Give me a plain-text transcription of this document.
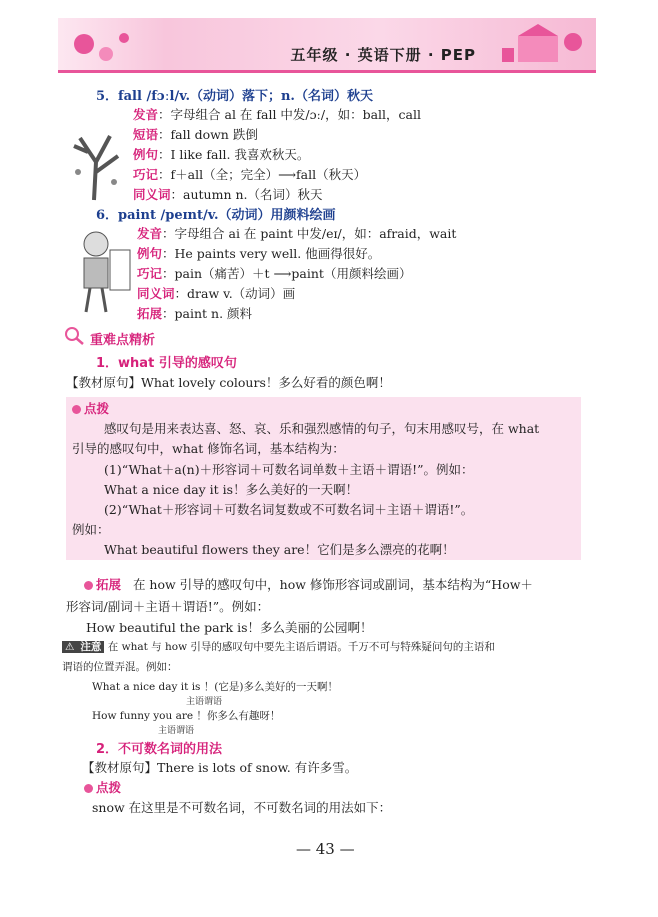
五年级 · 英语下册 · PEP
5．fall /fɔːl/v.（动词）落下；n.（名词）秋天
发音：字母组合 al 在 fall 中发/ɔː/，如：ball，call
短语：fall down 跌倒
例句：I like fall. 我喜欢秋天。
巧记：f＋all（全；完全）⟶fall（秋天）
同义词：autumn n.（名词）秋天
6．paint /peɪnt/v.（动词）用颜料绘画
发音：字母组合 ai 在 paint 中发/eɪ/，如：afraid，wait
例句：He paints very well. 他画得很好。
巧记：pain（痛苦）＋t ⟶paint（用颜料绘画）
同义词：draw v.（动词）画
拓展：paint n. 颜料
重难点精析
1．what 引导的感叹句
【教材原句】What lovely colours！多么好看的颜色啊！
点拨
感叹句是用来表达喜、怒、哀、乐和强烈感情的句子，句末用感叹号，在 what
引导的感叹句中，what 修饰名词，基本结构为：
(1)“What＋a(n)＋形容词＋可数名词单数＋主语＋谓语!”。例如：
What a nice day it is！多么美好的一天啊！
(2)“What＋形容词＋可数名词复数或不可数名词＋主语＋谓语!”。
例如：
What beautiful flowers they are！它们是多么漂亮的花啊！
拓展 在 how 引导的感叹句中，how 修饰形容词或副词，基本结构为“How＋
形容词/副词＋主语＋谓语!”。例如：
How beautiful the park is！多么美丽的公园啊！
⚠ 注意 在 what 与 how 引导的感叹句中要先主语后谓语。千万不可与特殊疑问句的主语和
谓语的位置弄混。例如：
What a nice day it is ！(它是)多么美好的一天啊！
主语谓语
How funny you are ！你多么有趣呀！
主语谓语
2．不可数名词的用法
【教材原句】There is lots of snow. 有许多雪。
点拨
snow 在这里是不可数名词，不可数名词的用法如下：
— 43 —
